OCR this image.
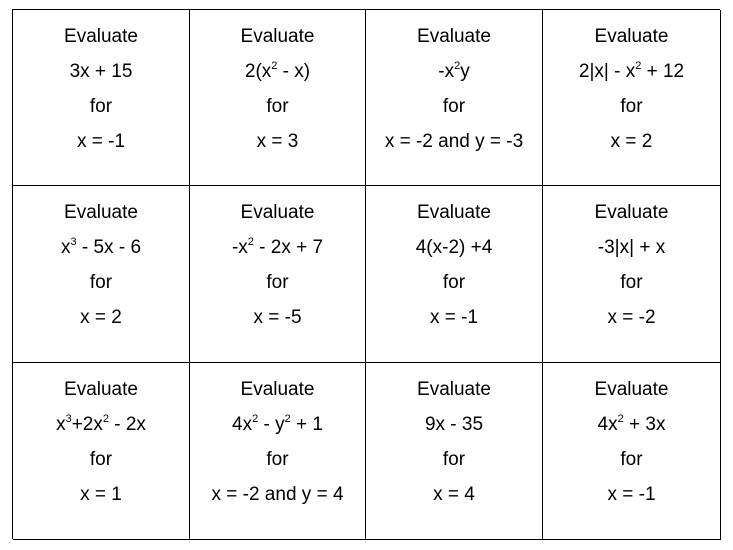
Evaluate
3x + 15
for
x = -1
Evaluate
$2(x^2 - x)$
for
x = 3
Evaluate
$-x^2y$
for
x = -2 and y = -3
Evaluate
$2|x| - x^2 + 12$
for
x = 2
Evaluate
$x^3 - 5x - 6$
for
x = 2
Evaluate
$-x^2 - 2x + 7$
for
x = -5
Evaluate
4(x-2) +4
for
x = -1
Evaluate
-3|x| + x
for
x = -2
Evaluate
$x^3+2x^2 - 2x$
for
x = 1
Evaluate
$4x^2 - y^2 + 1$
for
x = -2 and y = 4
Evaluate
9x - 35
for
x = 4
Evaluate
$4x^2 + 3x$
for
x = -1
